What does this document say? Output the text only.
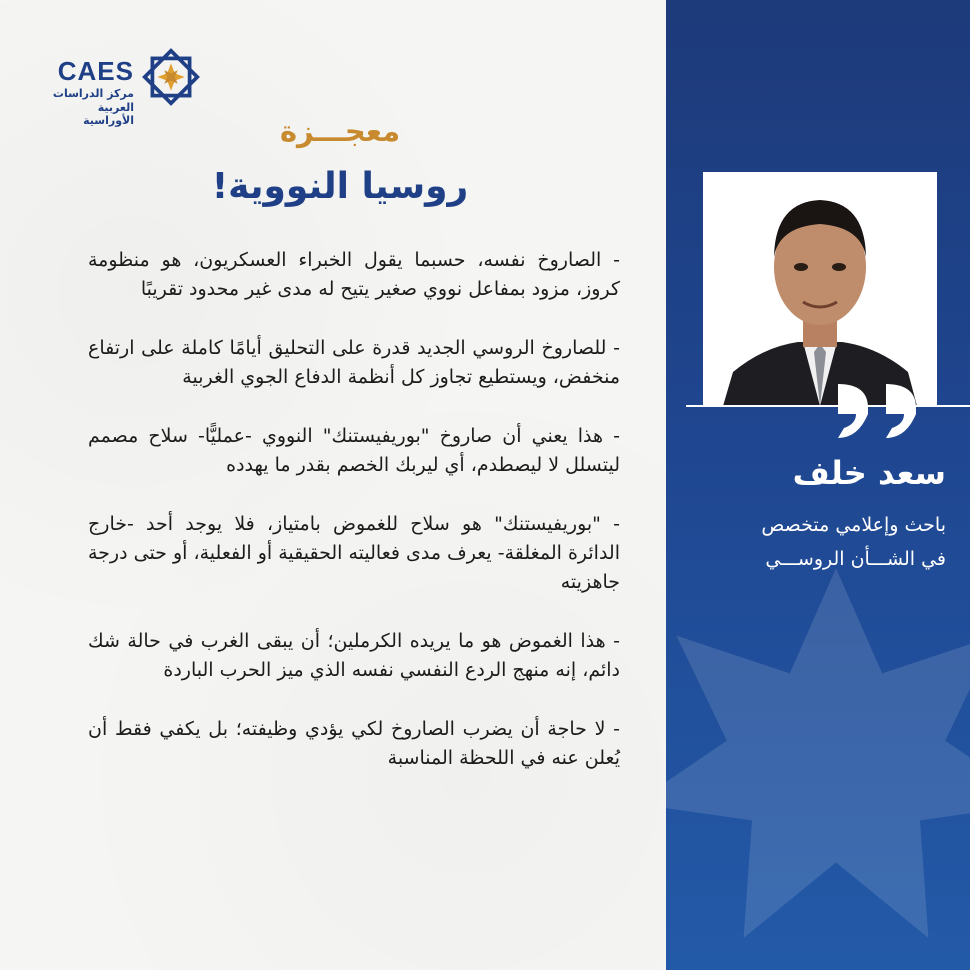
CAES
مركز الدراسات
العربية الأوراسية	معجـــزة
روسيا النووية!

- الصاروخ نفسه، حسبما يقول الخبراء العسكريون، هو منظومة كروز، مزود بمفاعل نووي صغير يتيح له مدى غير محدود تقريبًا

- للصاروخ الروسي الجديد قدرة على التحليق أيامًا كاملة على ارتفاع منخفض، ويستطيع تجاوز كل أنظمة الدفاع الجوي الغربية

- هذا يعني أن صاروخ "بوريفيستنك" النووي -عمليًّا- سلاح مصمم ليتسلل لا ليصطدم، أي ليربك الخصم بقدر ما يهدده

- "بوريفيستنك" هو سلاح للغموض بامتياز، فلا يوجد أحد -خارج الدائرة المغلقة- يعرف مدى فعاليته الحقيقية أو الفعلية، أو حتى درجة جاهزيته

- هذا الغموض هو ما يريده الكرملين؛ أن يبقى الغرب في حالة شك دائم، إنه منهج الردع النفسي نفسه الذي ميز الحرب الباردة

- لا حاجة أن يضرب الصاروخ لكي يؤدي وظيفته؛ بل يكفي فقط أن يُعلن عنه في اللحظة المناسبة

سعد خلف
باحث وإعلامي متخصص
في الشـــأن الروســـي
